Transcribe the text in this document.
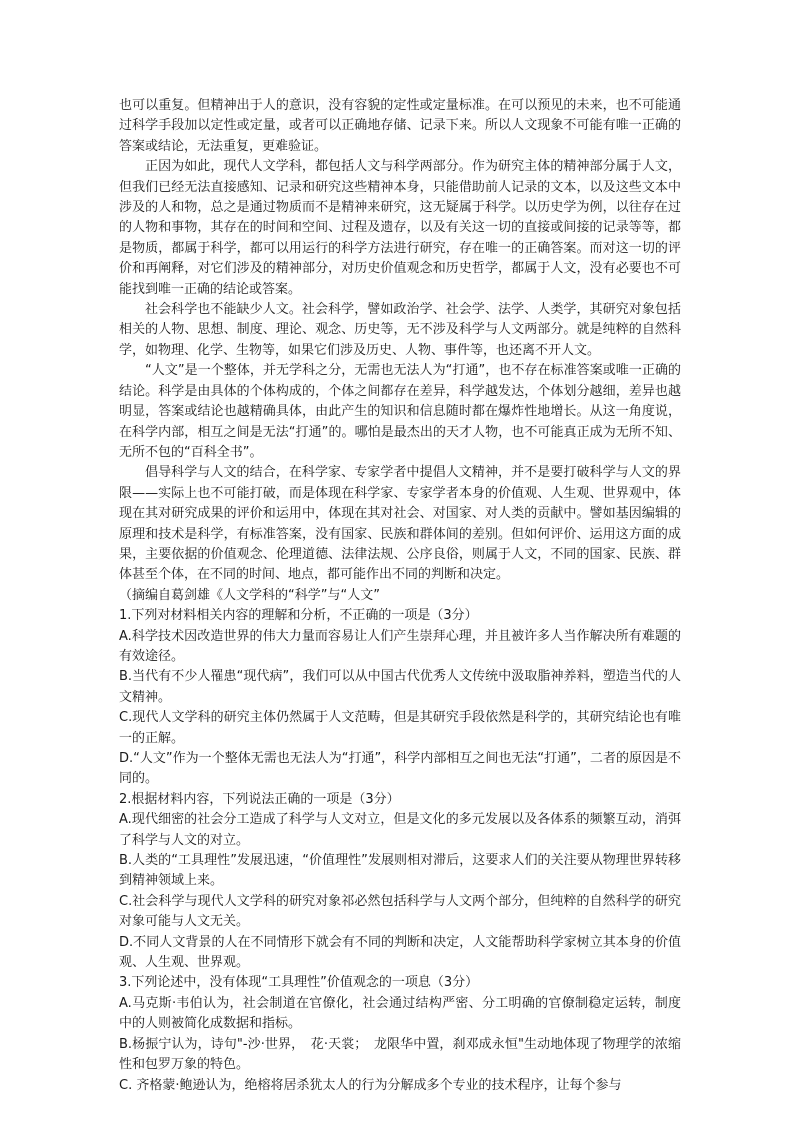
也可以重复。但精神出于人的意识，没有容貌的定性或定量标准。在可以预见的未来，也不可能通过科学手段加以定性或定量，或者可以正确地存储、记录下来。所以人文现象不可能有唯一正确的答案或结论，无法重复，更难验证。

正因为如此，现代人文学科，都包括人文与科学两部分。作为研究主体的精神部分属于人文，但我们已经无法直接感知、记录和研究这些精神本身，只能借助前人记录的文本，以及这些文本中涉及的人和物，总之是通过物质而不是精神来研究，这无疑属于科学。以历史学为例，以往存在过的人物和事物，其存在的时间和空间、过程及遗存，以及有关这一切的直接或间接的记录等等，都是物质，都属于科学，都可以用运行的科学方法进行研究，存在唯一的正确答案。而对这一切的评价和再阐释，对它们涉及的精神部分，对历史价值观念和历史哲学，都属于人文，没有必要也不可能找到唯一正确的结论或答案。

社会科学也不能缺少人文。社会科学，譬如政治学、社会学、法学、人类学，其研究对象包括相关的人物、思想、制度、理论、观念、历史等，无不涉及科学与人文两部分。就是纯粹的自然科学，如物理、化学、生物等，如果它们涉及历史、人物、事件等，也还离不开人文。

“人文”是一个整体，并无学科之分，无需也无法人为“打通”，也不存在标准答案或唯一正确的结论。科学是由具体的个体构成的，个体之间都存在差异，科学越发达，个体划分越细，差异也越明显，答案或结论也越精确具体，由此产生的知识和信息随时都在爆炸性地增长。从这一角度说，在科学内部，相互之间是无法“打通”的。哪怕是最杰出的天才人物，也不可能真正成为无所不知、无所不包的“百科全书”。

倡导科学与人文的结合，在科学家、专家学者中提倡人文精神，并不是要打破科学与人文的界限——实际上也不可能打破，而是体现在科学家、专家学者本身的价值观、人生观、世界观中，体现在其对研究成果的评价和运用中，体现在其对社会、对国家、对人类的贡献中。譬如基因编辑的原理和技术是科学，有标准答案，没有国家、民族和群体间的差别。但如何评价、运用这方面的成果，主要依据的价值观念、伦理道德、法律法规、公序良俗，则属于人文，不同的国家、民族、群体甚至个体，在不同的时间、地点，都可能作出不同的判断和决定。

（摘编自葛剑雄《人文学科的“科学”与“人文”

1.下列对材料相关内容的理解和分析，不正确的一项是（3分）

A.科学技术因改造世界的伟大力量而容易让人们产生崇拜心理，并且被许多人当作解决所有难题的有效途径。

B.当代有不少人罹患“现代病”，我们可以从中国古代优秀人文传统中汲取脂神养料，塑造当代的人文精神。

C.现代人文学科的研究主体仍然属于人文范畴，但是其研究手段依然是科学的，其研究结论也有唯一的正解。

D.“人文”作为一个整体无需也无法人为“打通”，科学内部相互之间也无法“打通”，二者的原因是不同的。

2.根据材料内容，下列说法正确的一项是（3分）

A.现代细密的社会分工造成了科学与人文对立，但是文化的多元发展以及各体系的频繁互动，消弭了科学与人文的对立。

B.人类的“工具理性”发展迅速，“价值理性”发展则相对滞后，这要求人们的关注要从物理世界转移到精神领域上来。

C.社会科学与现代人文学科的研究对象祁必然包括科学与人文两个部分，但纯粹的自然科学的研究对象可能与人文无关。

D.不同人文背景的人在不同情形下就会有不同的判断和决定，人文能帮助科学家树立其本身的价值观、人生观、世界观。

3.下列论述中，没有体现“工具理性”价值观念的一项息（3分）

A.马克斯·韦伯认为，社会制道在官僚化，社会通过结构严密、分工明确的官僚制稳定运转，制度中的人则被简化成数据和指标。

B.杨振宁认为，诗句"-沙·世界，　花·天裳；　龙限华中置，刹邓成永恒"生动地体现了物理学的浓缩性和包罗万象的特色。

C. 齐格蒙·鲍逊认为，绝榕将居杀犹太人的行为分解成多个专业的技术程序，让每个参与
